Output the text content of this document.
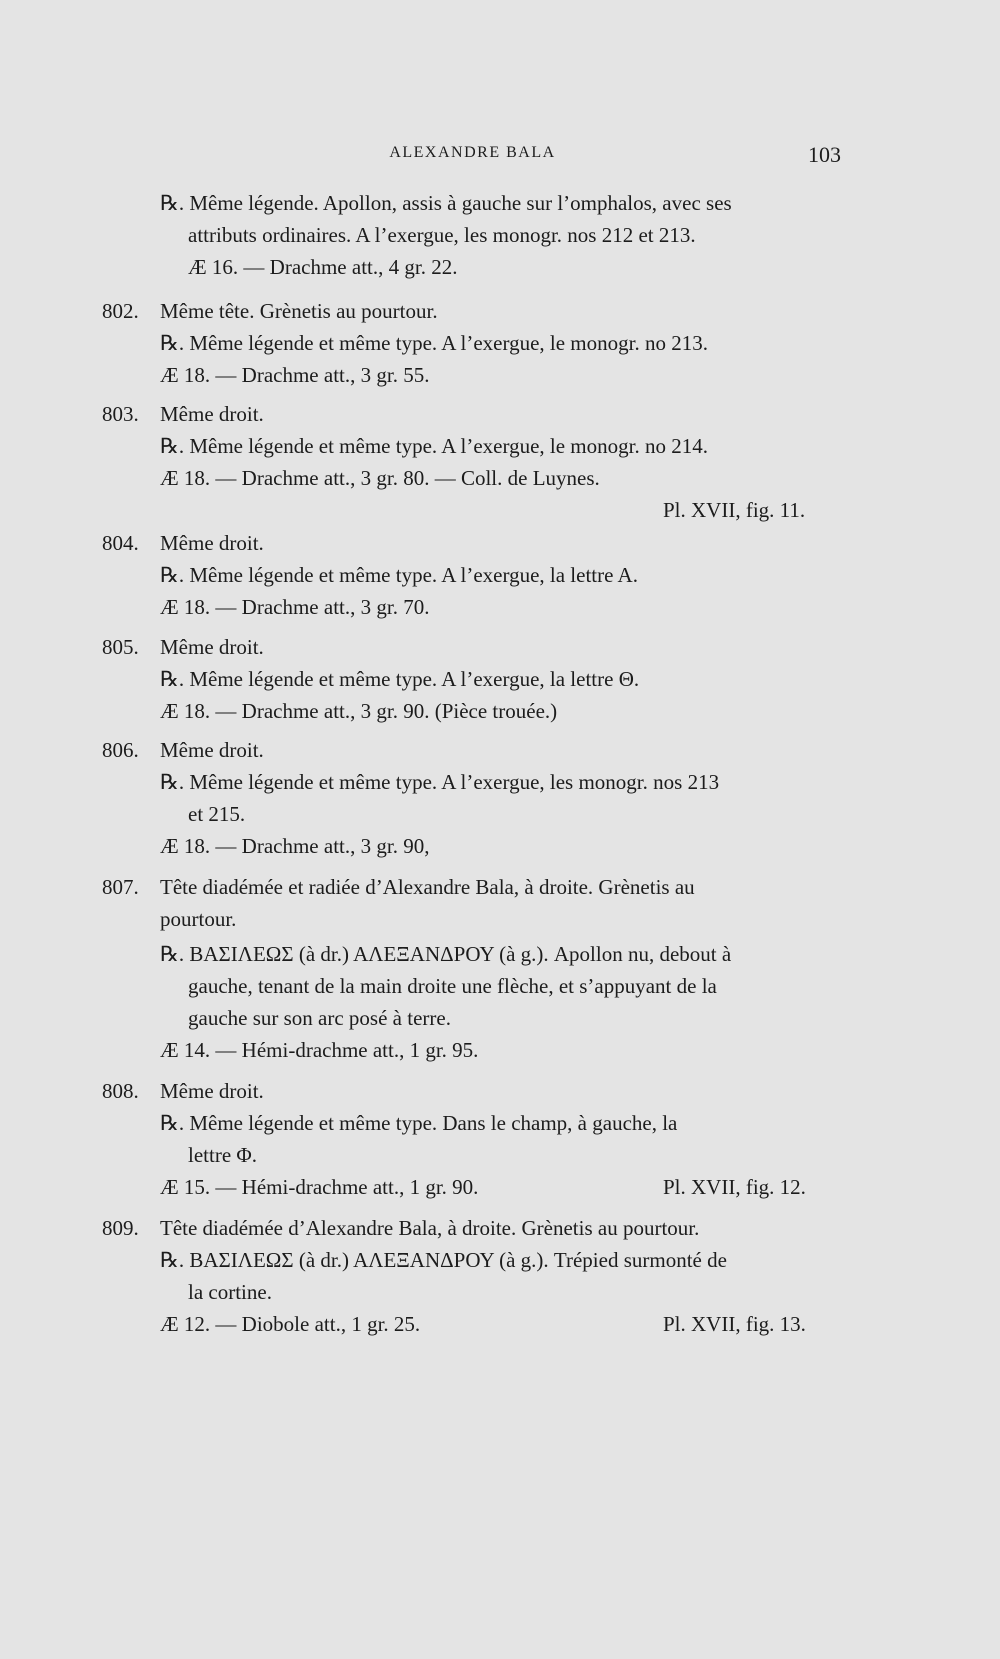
ALEXANDRE BALA	103
℞. Même légende. Apollon, assis à gauche sur l’omphalos, avec ses
attributs ordinaires. A l’exergue, les monogr. nos 212 et 213.
Æ 16. — Drachme att., 4 gr. 22.
802. Même tête. Grènetis au pourtour.
℞. Même légende et même type. A l’exergue, le monogr. no 213.
Æ 18. — Drachme att., 3 gr. 55.
803. Même droit.
℞. Même légende et même type. A l’exergue, le monogr. no 214.
Æ 18. — Drachme att., 3 gr. 80. — Coll. de Luynes.
Pl. XVII, fig. 11.
804. Même droit.
℞. Même légende et même type. A l’exergue, la lettre A.
Æ 18. — Drachme att., 3 gr. 70.
805. Même droit.
℞. Même légende et même type. A l’exergue, la lettre Θ.
Æ 18. — Drachme att., 3 gr. 90. (Pièce trouée.)
806. Même droit.
℞. Même légende et même type. A l’exergue, les monogr. nos 213
et 215.
Æ 18. — Drachme att., 3 gr. 90,
807. Tête diadémée et radiée d’Alexandre Bala, à droite. Grènetis au
pourtour.
℞. ΒΑΣΙΛΕΩΣ (à dr.) ΑΛΕΞΑΝΔΡΟΥ (à g.). Apollon nu, debout à
gauche, tenant de la main droite une flèche, et s’appuyant de la
gauche sur son arc posé à terre.
Æ 14. — Hémi-drachme att., 1 gr. 95.
808. Même droit.
℞. Même légende et même type. Dans le champ, à gauche, la
lettre Φ.
Æ 15. — Hémi-drachme att., 1 gr. 90.	Pl. XVII, fig. 12.
809. Tête diadémée d’Alexandre Bala, à droite. Grènetis au pourtour.
℞. ΒΑΣΙΛΕΩΣ (à dr.) ΑΛΕΞΑΝΔΡΟΥ (à g.). Trépied surmonté de
la cortine.
Æ 12. — Diobole att., 1 gr. 25.	Pl. XVII, fig. 13.
